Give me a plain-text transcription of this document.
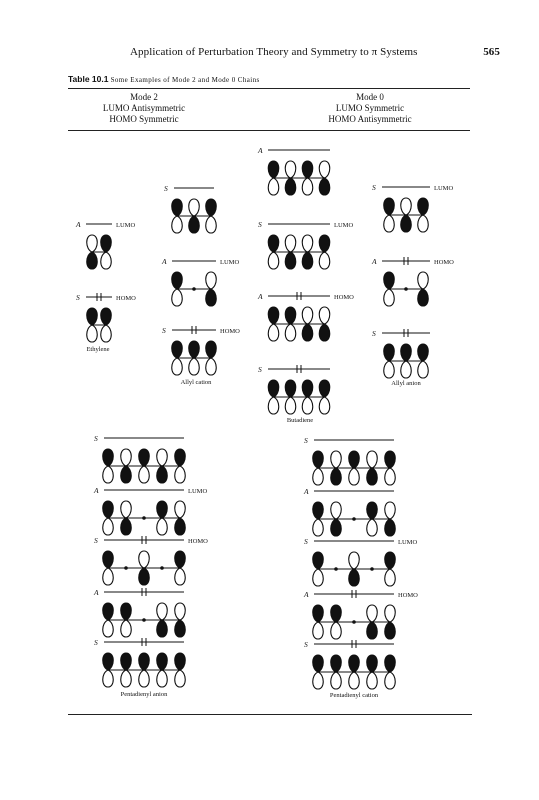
Application of Perturbation Theory and Symmetry to π Systems	565
Table 10.1 Some Examples of Mode 2 and Mode 0 Chains
Mode 2
LUMO Antisymmetric
HOMO Symmetric
Mode 0
LUMO Symmetric
HOMO Antisymmetric
A	LUMO
S	HOMO
Ethylene
S
A	LUMO
S	HOMO
Allyl cation
A
S	LUMO
A	HOMO
S
Butadiene
S	LUMO
A	HOMO
S
Allyl anion
S
A	LUMO
S	HOMO
A
S
Pentadienyl anion
S
A
S	LUMO
A	HOMO
S
Pentadienyl cation
